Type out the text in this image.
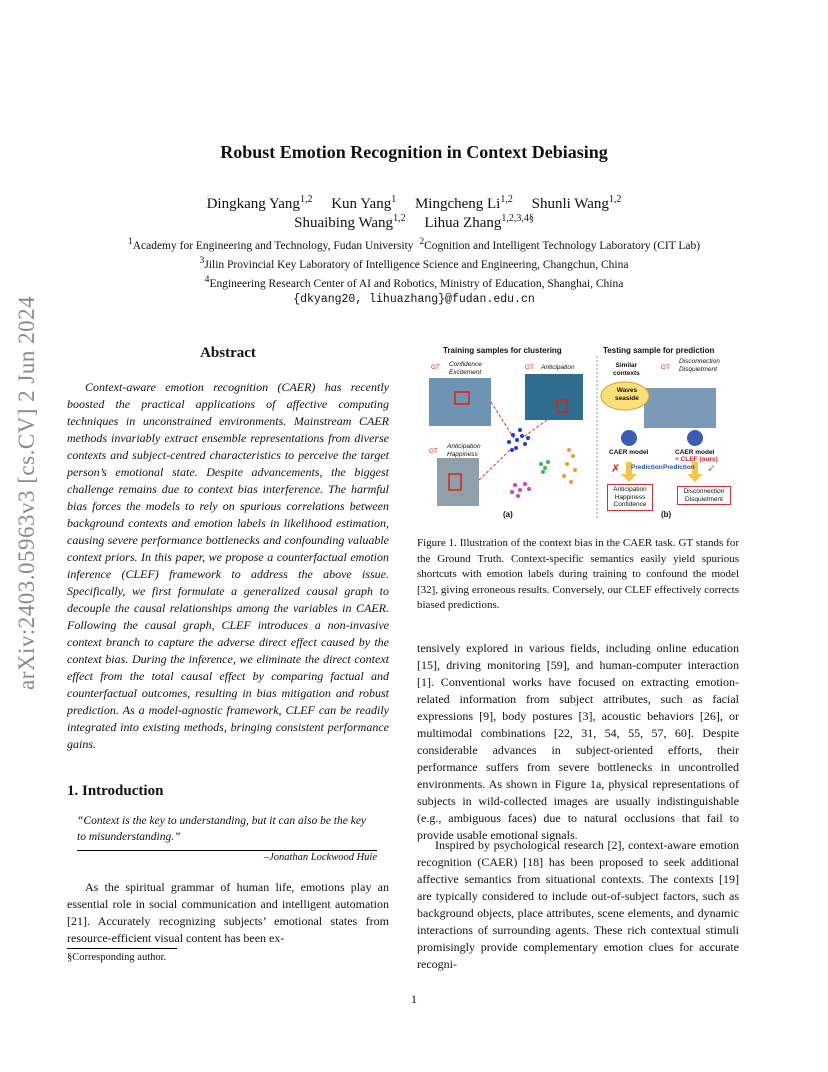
arXiv:2403.05963v3 [cs.CV] 2 Jun 2024
Robust Emotion Recognition in Context Debiasing
Dingkang Yang$^{1,2}$ Kun Yang$^1$ Mingcheng Li$^{1,2}$ Shunli Wang$^{1,2}$
Shuaibing Wang$^{1,2}$ Lihua Zhang$^{1,2,3,4\S}$
$^1$Academy for Engineering and Technology, Fudan University $^2$Cognition and Intelligent Technology Laboratory (CIT Lab)
$^3$Jilin Provincial Key Laboratory of Intelligence Science and Engineering, Changchun, China
$^4$Engineering Research Center of AI and Robotics, Ministry of Education, Shanghai, China
{dkyang20, lihuazhang}@fudan.edu.cn
Abstract
Context-aware emotion recognition (CAER) has recently boosted the practical applications of affective computing techniques in unconstrained environments. Mainstream CAER methods invariably extract ensemble representations from diverse contexts and subject-centred characteristics to perceive the target person’s emotional state. Despite advancements, the biggest challenge remains due to context bias interference. The harmful bias forces the models to rely on spurious correlations between background contexts and emotion labels in likelihood estimation, causing severe performance bottlenecks and confounding valuable context priors. In this paper, we propose a counterfactual emotion inference (CLEF) framework to address the above issue. Specifically, we first formulate a generalized causal graph to decouple the causal relationships among the variables in CAER. Following the causal graph, CLEF introduces a non-invasive context branch to capture the adverse direct effect caused by the context bias. During the inference, we eliminate the direct context effect from the total causal effect by comparing factual and counterfactual outcomes, resulting in bias mitigation and robust prediction. As a model-agnostic framework, CLEF can be readily integrated into existing methods, bringing consistent performance gains.
1. Introduction
“Context is the key to understanding, but it can also be the key to misunderstanding.”
–Jonathan Lockwood Huie
As the spiritual grammar of human life, emotions play an essential role in social communication and intelligent automation [21]. Accurately recognizing subjects’ emotional states from resource-efficient visual content has been ex-
§Corresponding author.
tensively explored in various fields, including online education [15], driving monitoring [59], and human-computer interaction [1]. Conventional works have focused on extracting emotion-related information from subject attributes, such as facial expressions [9], body postures [3], acoustic behaviors [26], or multimodal combinations [22, 31, 54, 55, 57, 60]. Despite considerable advances in subject-oriented efforts, their performance suffers from severe bottlenecks in uncontrolled environments. As shown in Figure 1a, physical representations of subjects in wild-collected images are usually indistinguishable (e.g., ambiguous faces) due to natural occlusions that fail to provide usable emotional signals.
Inspired by psychological research [2], context-aware emotion recognition (CAER) [18] has been proposed to seek additional affective semantics from situational contexts. The contexts [19] are typically considered to include out-of-subject factors, such as background objects, place attributes, scene elements, and dynamic interactions of surrounding agents. These rich contextual stimuli promisingly provide complementary emotion clues for accurate recogni-
Training samples for clustering	Testing sample for prediction
✗	✓
GT Confidence
Excitement
GT Anticipation
GT
Anticipation
Happiness
GT
Disconnection
Disquietment
Similar
contexts
Waves
seaside
CAER model	CAER model
+ CLEF (ours)
Prediction Prediction
Anticipation
Happiness
Confidence
Disconnection
Disquietment
(a)	(b)
Figure 1. Illustration of the context bias in the CAER task. GT stands for the Ground Truth. Context-specific semantics easily yield spurious shortcuts with emotion labels during training to confound the model [32], giving erroneous results. Conversely, our CLEF effectively corrects biased predictions.
1
